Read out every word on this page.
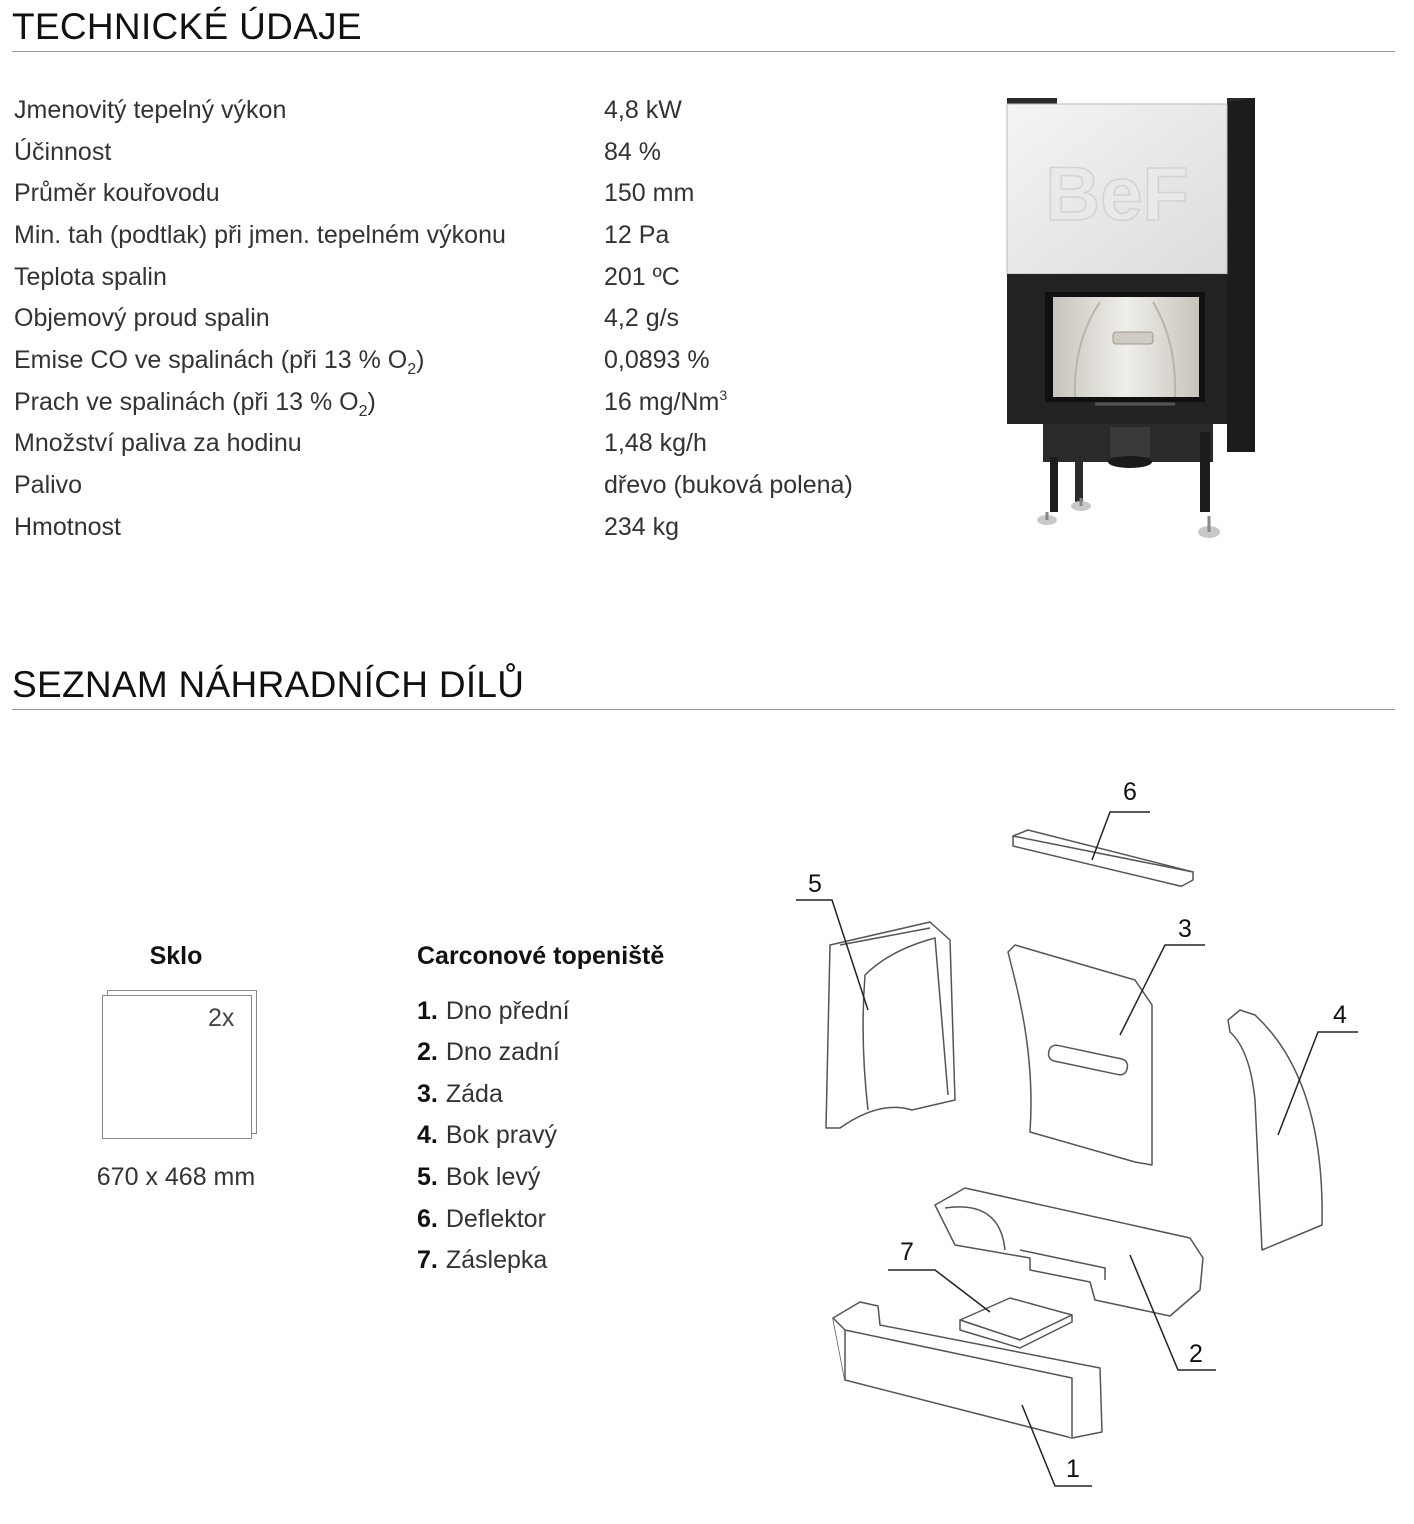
TECHNICKÉ ÚDAJE
Jmenovitý tepelný výkon	4,8 kW
Účinnost	84 %
Průměr kouřovodu	150 mm
Min. tah (podtlak) při jmen. tepelném výkonu	12 Pa
Teplota spalin	201 ºC
Objemový proud spalin	4,2 g/s
Emise CO ve spalinách (při 13 % $O_2$)	0,0893 %
Prach ve spalinách (při 13 % $O_2$)	16 mg/Nm$^3$
Množství paliva za hodinu	1,48 kg/h
Palivo	dřevo (buková polena)
Hmotnost	234 kg
BeF
SEZNAM NÁHRADNÍCH DÍLŮ
Sklo
2x
670 x 468 mm
Carconové topeniště
1. Dno přední
2. Dno zadní
3. Záda
4. Bok pravý
5. Bok levý
6. Deflektor
7. Záslepka
6
5
3
4
2
7
1
